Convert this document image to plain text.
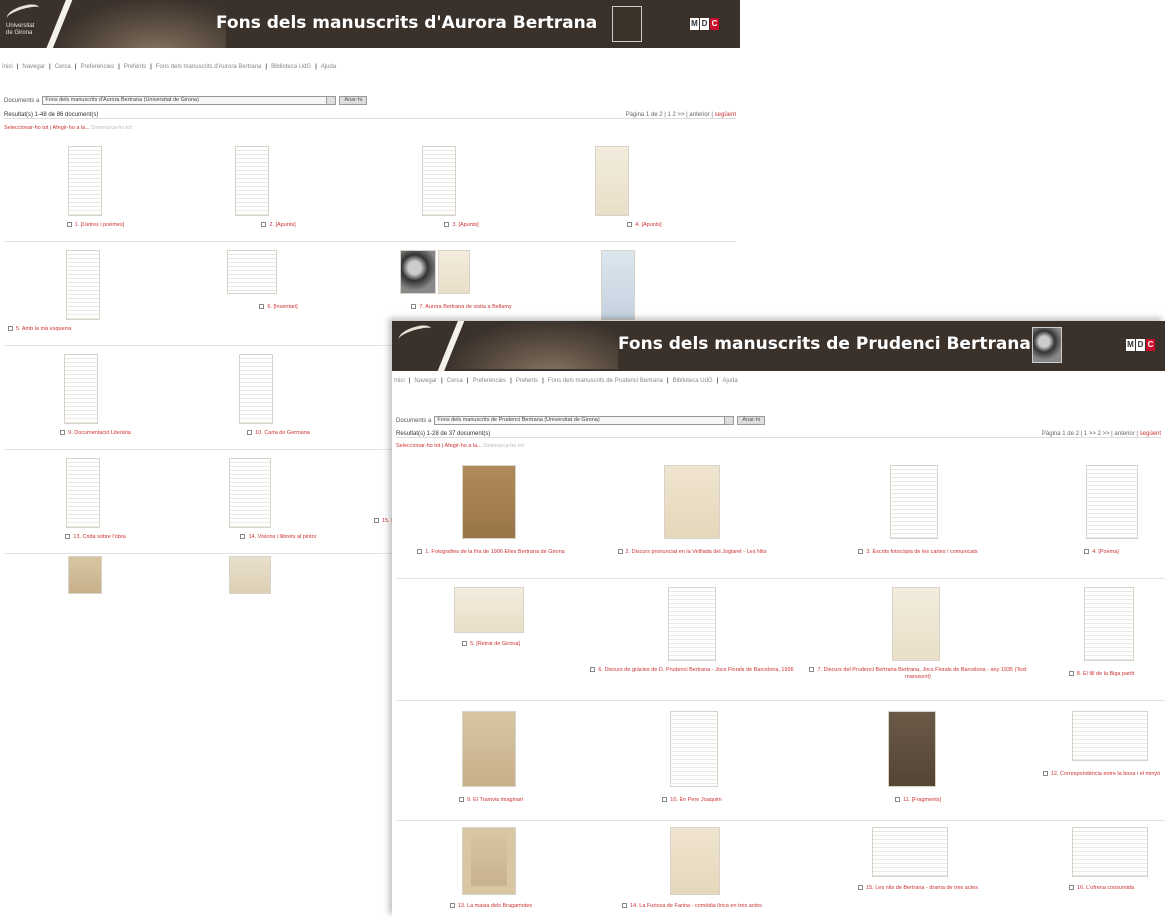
Universitat
de Girona	Fons dels manuscrits d'Aurora Bertrana	M D C
Inici | Navegar | Cerca | Preferències | Preferits | Fons dels manuscrits d'Aurora Bertrana | Biblioteca UdG | Ajuda
Documents a	Fons dels manuscrits d'Aurora Bertrana (Universitat de Girona)	Anar-hi
Resultat(s) 1-48 de 86 document(s)	Pàgina 1 de 2 | 1 2 >> | anterior | següent
Seleccionar-ho tot | Afegir-ho a la... Desmarca-ho tot
1. [Lletres i poèmes]	2. [Apunts]	3. [Apunts]	4. [Apunts]
5. Amb la mà esquerra
6. [Inventari]	7. Aurora Bertrana de visita a Bellamy
9. Documentació Literària	10. Carta de Germana
13. Crida sobre l'obra	14. Visions i llibrets al pintor
15.
Fons dels manuscrits de Prudenci Bertrana	M D C
Inici | Navegar | Cerca | Preferències | Preferits | Fons dels manuscrits de Prudenci Bertrana | Biblioteca UdG | Ajuda
Documents a	Fons dels manuscrits de Prudenci Bertrana (Universitat de Girona)	Anar-hi
Resultat(s) 1-28 de 37 document(s)	Pàgina 1 de 2 | 1 >> 2 >> | anterior | següent
Seleccionar-ho tot | Afegir-ho a la... Desmarca-ho tot
1. Fotografies de la fira de 1906 Elies Bertrana de Girona	2. Discurs pronunciat en la Vetllada del Joglaret - Les Nits	3. Escrits fotocòpia de les cartes i comunicats	4. [Poema]
5. [Retrat de Girona]
6. Discurs de gràcies de D. Prudenci Bertrana - Jocs Florals de Barcelona, 1936	7. Discurs del Prudenci Bertrana Bertrana, Jocs Florals de Barcelona - any 1935 (Text manuscrit)	8. El fill de la Biga partit
9. El Tramvia imaginari	10. En Pere Joaquim	11. [Fragments]
12. Correspondència entre la bona i el minyó
13. La masia dels Bragamotes	14. La Furiosa de Farina - comèdia lírica en tres actes
15. Les nits de Bertrana - drama de tres actes	16. L'ofrena consumida
